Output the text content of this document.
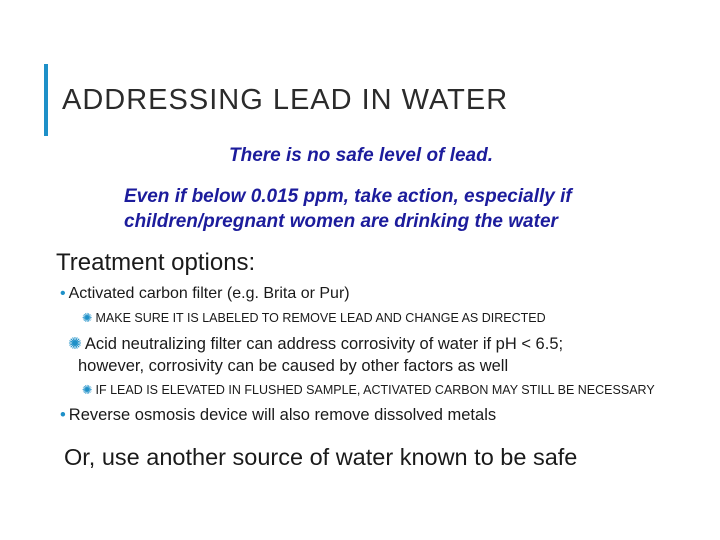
ADDRESSING LEAD IN WATER
There is no safe level of lead.
Even if below 0.015 ppm, take action, especially if
children/pregnant women are drinking the water
Treatment options:
• Activated carbon filter (e.g. Brita or Pur)
✺ MAKE SURE IT IS LABELED TO REMOVE LEAD AND CHANGE AS DIRECTED
✺ Acid neutralizing filter can address corrosivity of water if pH < 6.5;
however, corrosivity can be caused by other factors as well
✺ IF LEAD IS ELEVATED IN FLUSHED SAMPLE, ACTIVATED CARBON MAY STILL BE NECESSARY
• Reverse osmosis device will also remove dissolved metals
Or, use another source of water known to be safe
